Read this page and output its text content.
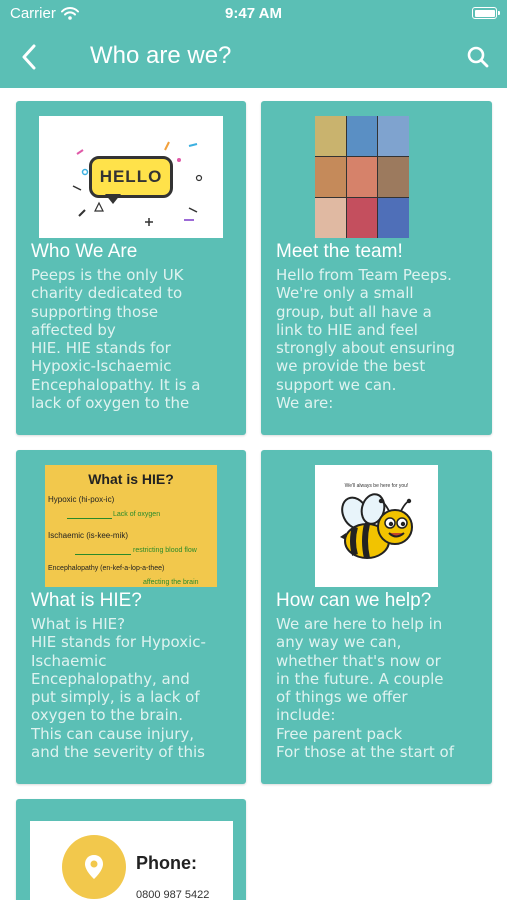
Carrier	9:47 AM
Who are we?
HELLO
Who We Are
Peeps is the only UK
charity dedicated to
supporting those
affected by
HIE. HIE stands for
Hypoxic-Ischaemic
Encephalopathy. It is a
lack of oxygen to the
Meet the team!
Hello from Team Peeps.
We're only a small
group, but all have a
link to HIE and feel
strongly about ensuring
we provide the best
support we can.
We are:
What is HIE?
Hypoxic (hi-pox-ic)
Lack of oxygen
Ischaemic (is-kee-mik)
restricting blood flow
Encephalopathy (en-kef-a-lop-a-thee)
affecting the brain
What is HIE?
What is HIE?
HIE stands for Hypoxic-
Ischaemic
Encephalopathy, and
put simply, is a lack of
oxygen to the brain.
This can cause injury,
and the severity of this
We'll always be here for you!
How can we help?
We are here to help in
any way we can,
whether that's now or
in the future. A couple
of things we offer
include:
Free parent pack
For those at the start of
Phone:
0800 987 5422
